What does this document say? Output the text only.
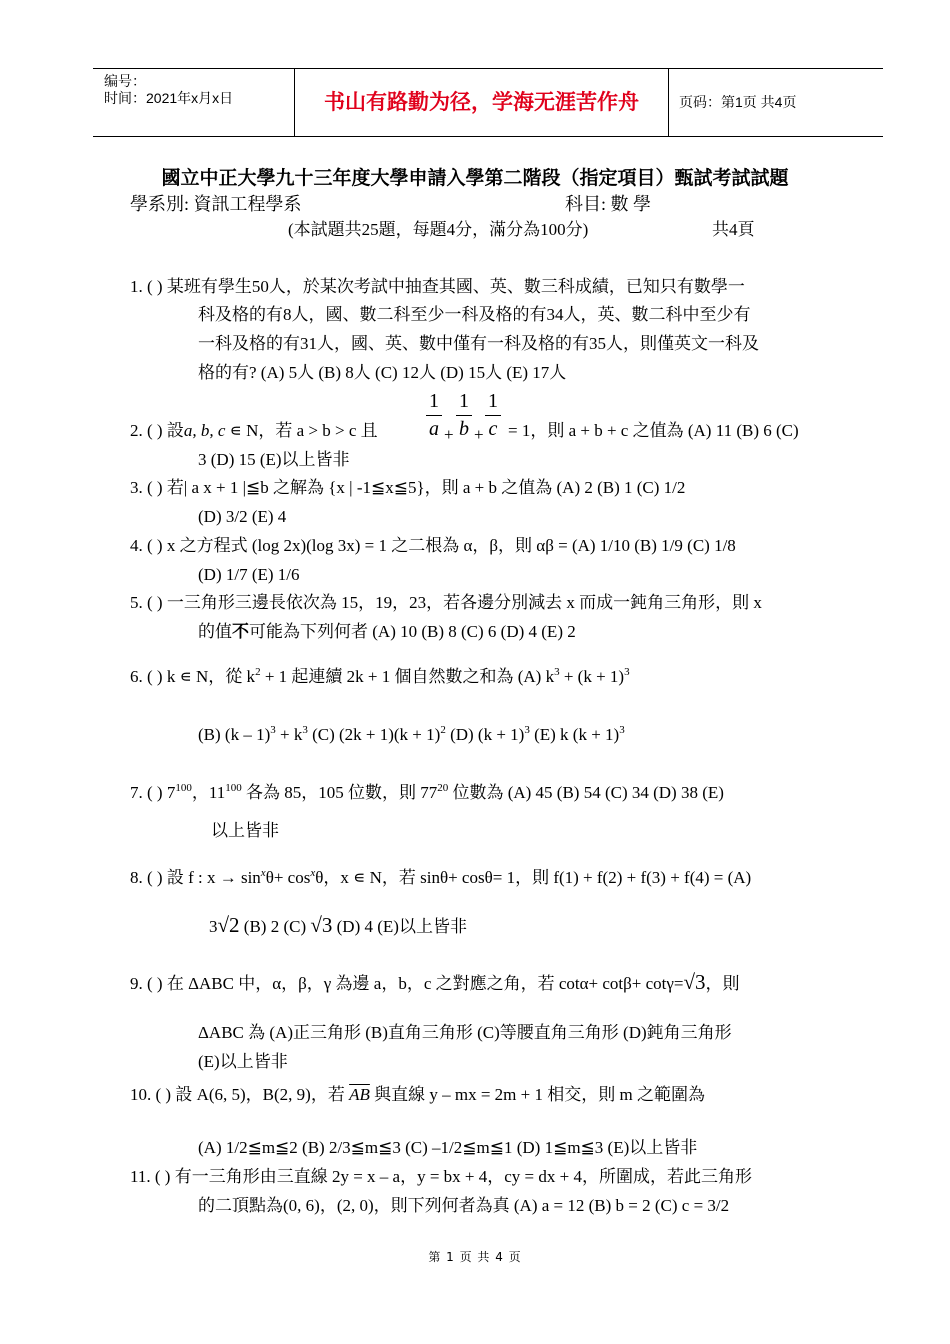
编号：
时间：2021年x月x日	书山有路勤为径，学海无涯苦作舟	页码：第1页 共4页
國立中正大學九十三年度大學申請入學第二階段（指定項目）甄試考試試題
學系別: 資訊工程學系	科目: 數 學
(本試題共25題，每題4分，滿分為100分)	共4頁
1. ( ) 某班有學生50人，於某次考試中抽查其國、英、數三科成績，已知只有數學一
科及格的有8人，國、數二科至少一科及格的有34人，英、數二科中至少有
一科及格的有31人，國、英、數中僅有一科及格的有35人，則僅英文一科及
格的有? (A) 5人 (B) 8人 (C) 12人 (D) 15人 (E) 17人
1
a +
1
b +
1
c
2. ( ) 設a, b, c ∊ N，若 a > b > c 且	= 1，則 a + b + c 之值為 (A) 11 (B) 6 (C)
3 (D) 15 (E)以上皆非
3. ( ) 若| a x + 1 |≦b 之解為 {x | -1≦x≦5}，則 a + b 之值為 (A) 2 (B) 1 (C) 1/2
(D) 3/2 (E) 4
4. ( ) x 之方程式 (log 2x)(log 3x) = 1 之二根為 α，β，則 αβ = (A) 1/10 (B) 1/9 (C) 1/8
(D) 1/7 (E) 1/6
5. ( ) 一三角形三邊長依次為 15，19，23，若各邊分別減去 x 而成一鈍角三角形，則 x
的值不可能為下列何者 (A) 10 (B) 8 (C) 6 (D) 4 (E) 2
6. ( ) k ∊ N，從 $k^2 + 1$ 起連續 2k + 1 個自然數之和為 (A) $k^3 + (k + 1)^3$
(B) $(k - 1)^3 + k^3$ (C) $(2k + 1)(k + 1)^2$ (D) $(k + 1)^3$ (E) k $(k + 1)^3$
7. ( ) $7^{100}$，$11^{100}$ 各為 85，105 位數，則 $77^{20}$ 位數為 (A) 45 (B) 54 (C) 34 (D) 38 (E)
以上皆非
8. ( ) 設 f : $x \to \sin^x\theta+ \cos^x\theta$，x ∊ N，若 sinθ+ cosθ= 1，則 f(1) + f(2) + f(3) + f(4) = (A)
3√2 (B) 2 (C) √3 (D) 4 (E)以上皆非
9. ( ) 在 ΔABC 中，α，β，γ 為邊 a，b，c 之對應之角，若 cotα+ cotβ+ cotγ=√3，則
ΔABC 為 (A)正三角形 (B)直角三角形 (C)等腰直角三角形 (D)鈍角三角形
(E)以上皆非
10. ( ) 設 A(6, 5)，B(2, 9)，若 $\overline{AB}$ 與直線 y – mx = 2m + 1 相交，則 m 之範圍為
(A) 1/2≦m≦2 (B) 2/3≦m≦3 (C) –1/2≦m≦1 (D) 1≦m≦3 (E)以上皆非
11. ( ) 有一三角形由三直線 2y = x – a，y = bx + 4，cy = dx + 4，所圍成，若此三角形
的二頂點為(0, 6)，(2, 0)，則下列何者為真 (A) a = 12 (B) b = 2 (C) c = 3/2
第 1 页 共 4 页
